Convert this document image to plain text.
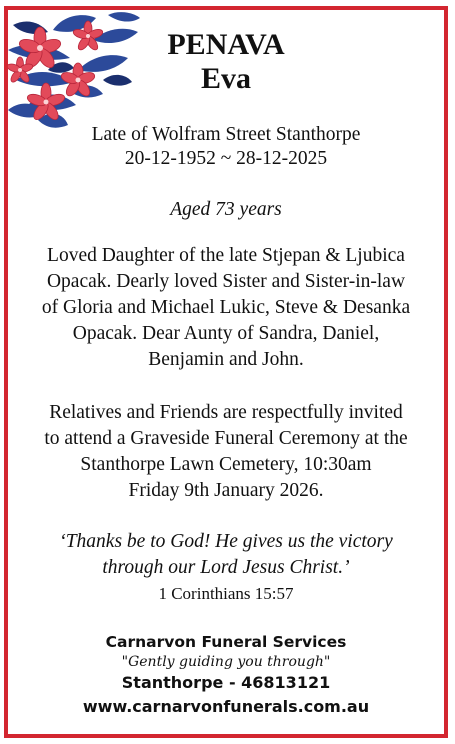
PENAVA
Eva
Late of Wolfram Street Stanthorpe
20-12-1952 ~ 28-12-2025
Aged 73 years
Loved Daughter of the late Stjepan & Ljubica
Opacak. Dearly loved Sister and Sister-in-law
of Gloria and Michael Lukic, Steve & Desanka
Opacak. Dear Aunty of Sandra, Daniel,
Benjamin and John.
Relatives and Friends are respectfully invited
to attend a Graveside Funeral Ceremony at the
Stanthorpe Lawn Cemetery, 10:30am
Friday 9th January 2026.
‘Thanks be to God! He gives us the victory
through our Lord Jesus Christ.’
1 Corinthians 15:57
Carnarvon Funeral Services
"Gently guiding you through"
Stanthorpe - 46813121
www.carnarvonfunerals.com.au
